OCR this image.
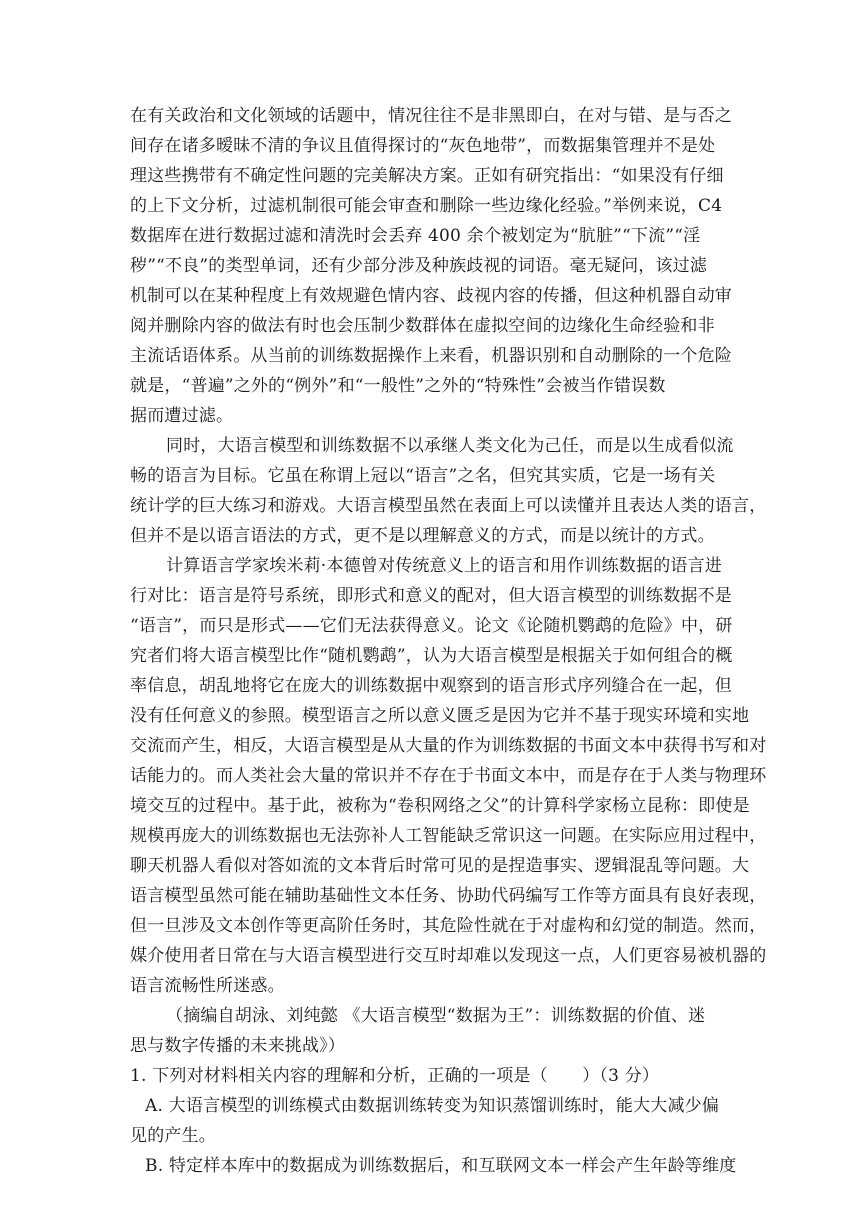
在有关政治和文化领域的话题中，情况往往不是非黑即白，在对与错、是与否之
间存在诸多暧昧不清的争议且值得探讨的“灰色地带”，而数据集管理并不是处
理这些携带有不确定性问题的完美解决方案。正如有研究指出：“如果没有仔细
的上下文分析，过滤机制很可能会审查和删除一些边缘化经验。”举例来说，C4
数据库在进行数据过滤和清洗时会丢弃 400 余个被划定为“肮脏”“下流”“淫
秽”“不良”的类型单词，还有少部分涉及种族歧视的词语。毫无疑问，该过滤
机制可以在某种程度上有效规避色情内容、歧视内容的传播，但这种机器自动审
阅并删除内容的做法有时也会压制少数群体在虚拟空间的边缘化生命经验和非
主流话语体系。从当前的训练数据操作上来看，机器识别和自动删除的一个危险
就是，“普遍”之外的“例外”和“一般性”之外的“特殊性”会被当作错误数
据而遭过滤。
同时，大语言模型和训练数据不以承继人类文化为己任，而是以生成看似流
畅的语言为目标。它虽在称谓上冠以“语言”之名，但究其实质，它是一场有关
统计学的巨大练习和游戏。大语言模型虽然在表面上可以读懂并且表达人类的语言，
但并不是以语言语法的方式，更不是以理解意义的方式，而是以统计的方式。
计算语言学家埃米莉·本德曾对传统意义上的语言和用作训练数据的语言进
行对比：语言是符号系统，即形式和意义的配对，但大语言模型的训练数据不是
“语言”，而只是形式——它们无法获得意义。论文《论随机鹦鹉的危险》中，研
究者们将大语言模型比作“随机鹦鹉”，认为大语言模型是根据关于如何组合的概
率信息，胡乱地将它在庞大的训练数据中观察到的语言形式序列缝合在一起，但
没有任何意义的参照。模型语言之所以意义匮乏是因为它并不基于现实环境和实地
交流而产生，相反，大语言模型是从大量的作为训练数据的书面文本中获得书写和对
话能力的。而人类社会大量的常识并不存在于书面文本中，而是存在于人类与物理环
境交互的过程中。基于此，被称为“卷积网络之父”的计算科学家杨立昆称：即使是
规模再庞大的训练数据也无法弥补人工智能缺乏常识这一问题。在实际应用过程中，
聊天机器人看似对答如流的文本背后时常可见的是捏造事实、逻辑混乱等问题。大
语言模型虽然可能在辅助基础性文本任务、协助代码编写工作等方面具有良好表现，
但一旦涉及文本创作等更高阶任务时，其危险性就在于对虚构和幻觉的制造。然而，
媒介使用者日常在与大语言模型进行交互时却难以发现这一点，人们更容易被机器的
语言流畅性所迷惑。
（摘编自胡泳、刘纯懿 《大语言模型“数据为王”：训练数据的价值、迷
思与数字传播的未来挑战》）
1. 下列对材料相关内容的理解和分析，正确的一项是（　　）（3 分）
A. 大语言模型的训练模式由数据训练转变为知识蒸馏训练时，能大大减少偏
见的产生。
B. 特定样本库中的数据成为训练数据后，和互联网文本一样会产生年龄等维度
